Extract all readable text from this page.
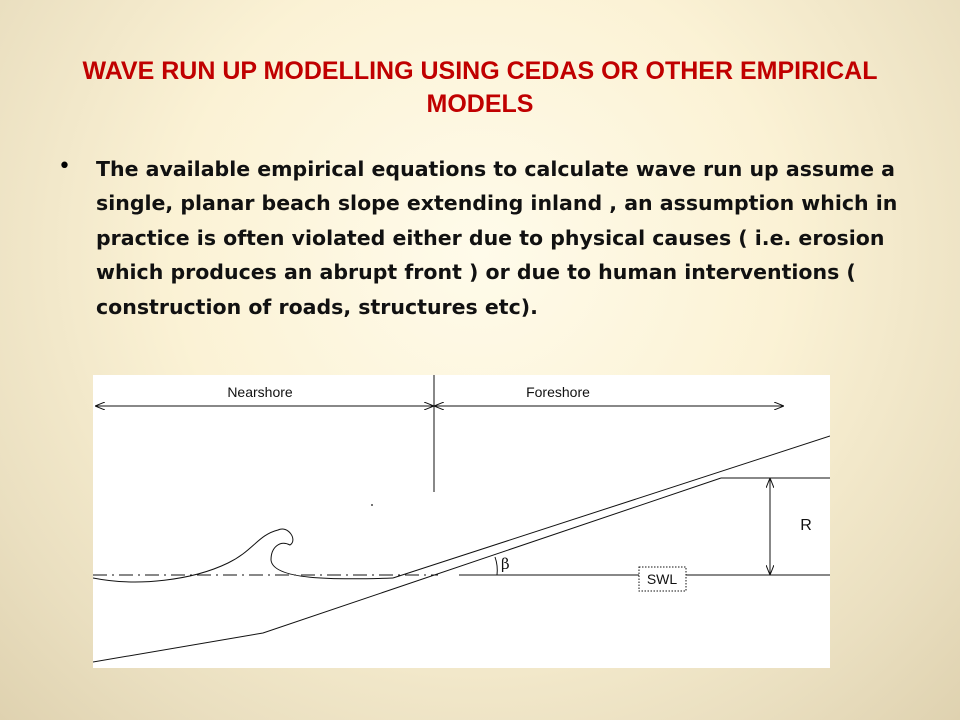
WAVE RUN UP MODELLING USING CEDAS OR OTHER EMPIRICAL MODELS
• The available empirical equations to calculate wave run up assume a single, planar beach slope extending inland , an assumption which in practice is often violated either due to physical causes ( i.e. erosion which produces an abrupt front ) or due to human interventions ( construction of roads, structures etc).

Nearshore	Foreshore
β
SWL
R
